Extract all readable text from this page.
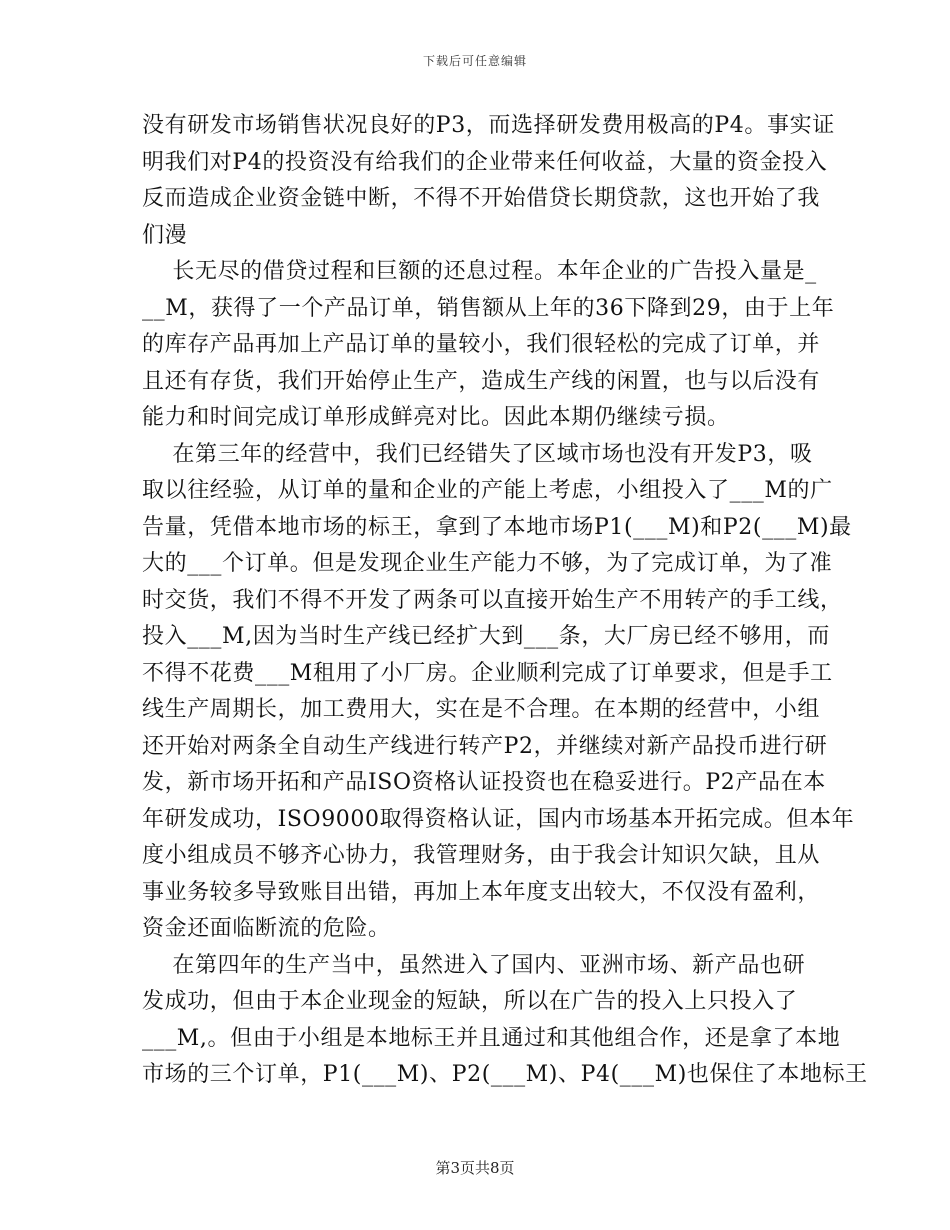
下载后可任意编辑
没有研发市场销售状况良好的P3，而选择研发费用极高的P4。事实证
明我们对P4的投资没有给我们的企业带来任何收益，大量的资金投入
反而造成企业资金链中断，不得不开始借贷长期贷款，这也开始了我
们漫
长无尽的借贷过程和巨额的还息过程。本年企业的广告投入量是_
__M，获得了一个产品订单，销售额从上年的36下降到29，由于上年
的库存产品再加上产品订单的量较小，我们很轻松的完成了订单，并
且还有存货，我们开始停止生产，造成生产线的闲置，也与以后没有
能力和时间完成订单形成鲜亮对比。因此本期仍继续亏损。
在第三年的经营中，我们已经错失了区域市场也没有开发P3，吸
取以往经验，从订单的量和企业的产能上考虑，小组投入了___M的广
告量，凭借本地市场的标王，拿到了本地市场P1(___M)和P2(___M)最
大的___个订单。但是发现企业生产能力不够，为了完成订单，为了准
时交货，我们不得不开发了两条可以直接开始生产不用转产的手工线，
投入___M,因为当时生产线已经扩大到___条，大厂房已经不够用，而
不得不花费___M租用了小厂房。企业顺利完成了订单要求，但是手工
线生产周期长，加工费用大，实在是不合理。在本期的经营中，小组
还开始对两条全自动生产线进行转产P2，并继续对新产品投币进行研
发，新市场开拓和产品ISO资格认证投资也在稳妥进行。P2产品在本
年研发成功，ISO9000取得资格认证，国内市场基本开拓完成。但本年
度小组成员不够齐心协力，我管理财务，由于我会计知识欠缺，且从
事业务较多导致账目出错，再加上本年度支出较大，不仅没有盈利，
资金还面临断流的危险。
在第四年的生产当中，虽然进入了国内、亚洲市场、新产品也研
发成功，但由于本企业现金的短缺，所以在广告的投入上只投入了
___M,。但由于小组是本地标王并且通过和其他组合作，还是拿了本地
市场的三个订单，P1(___M)、P2(___M)、P4(___M)也保住了本地标王
第3页共8页
